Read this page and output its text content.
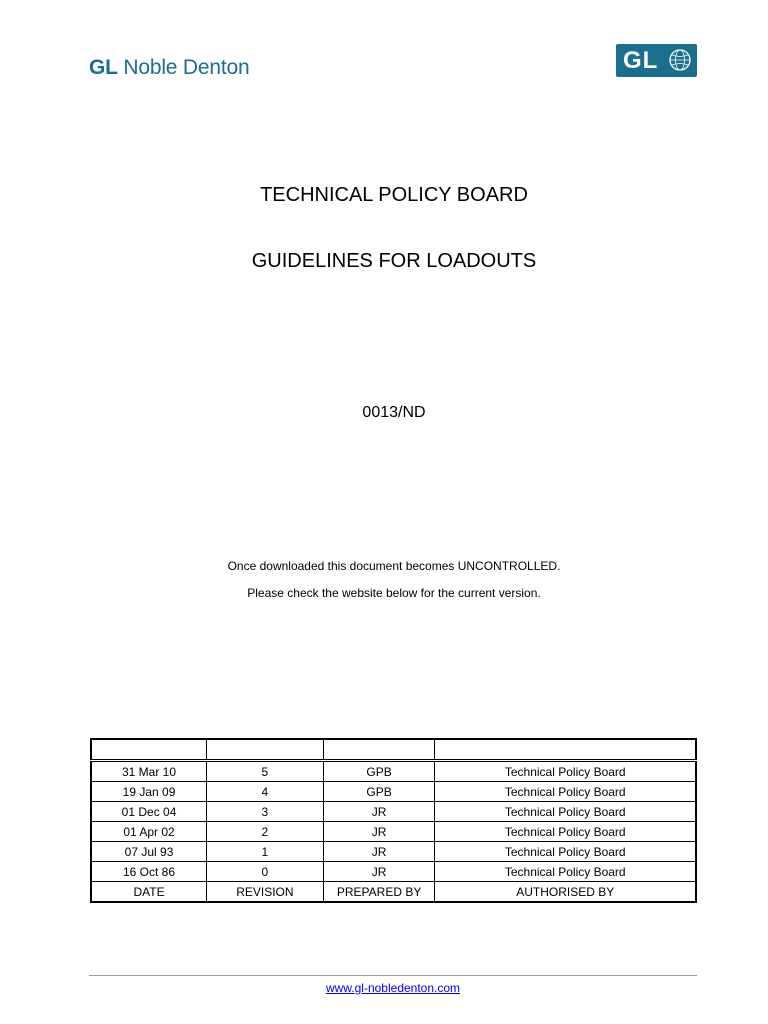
GL Noble Denton	GL
TECHNICAL POLICY BOARD
GUIDELINES FOR LOADOUTS
0013/ND
Once downloaded this document becomes UNCONTROLLED.
Please check the website below for the current version.

31 Mar 10	5	GPB	Technical Policy Board
19 Jan 09	4	GPB	Technical Policy Board
01 Dec 04	3	JR	Technical Policy Board
01 Apr 02	2	JR	Technical Policy Board
07 Jul 93	1	JR	Technical Policy Board
16 Oct 86	0	JR	Technical Policy Board
DATE	REVISION	PREPARED BY	AUTHORISED BY
www.gl-nobledenton.com
